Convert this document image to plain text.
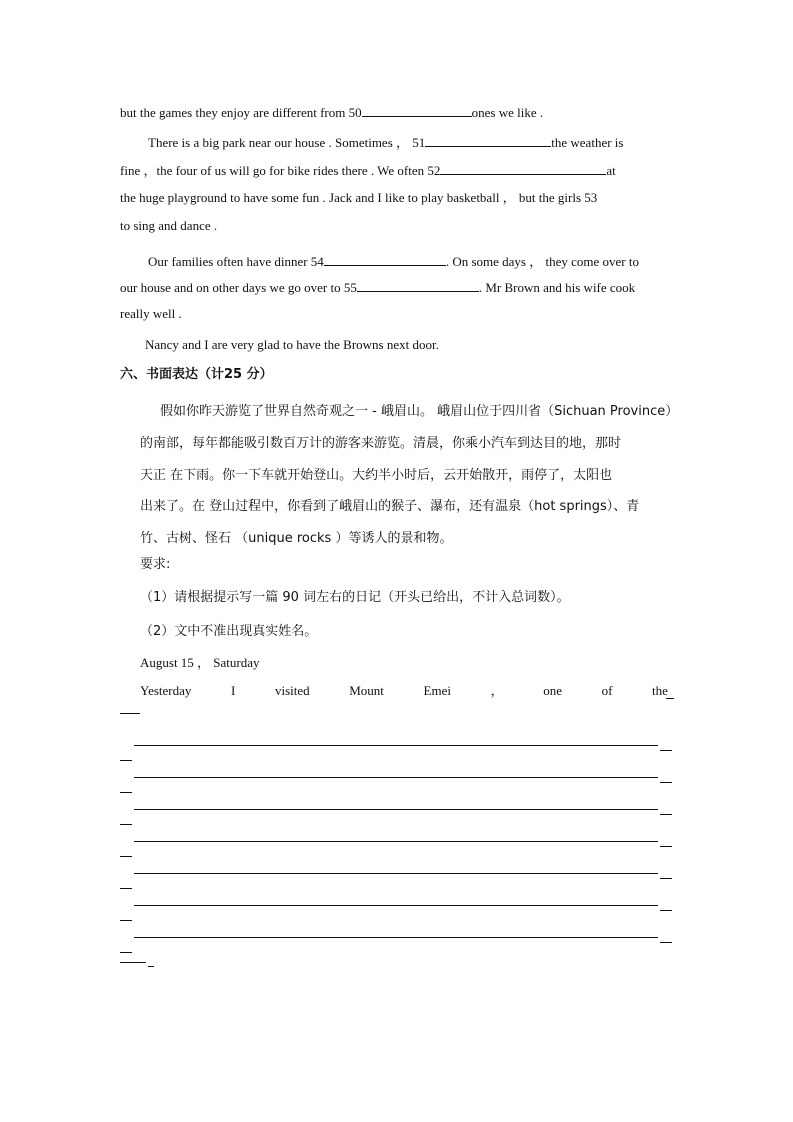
but the games they enjoy are different from 50	ones we like .
There is a big park near our house . Sometimes ， 51	the weather is
fine ，the four of us will go for bike rides there . We often 52	at
the huge playground to have some fun . Jack and I like to play basketball ， but the girls 53
to sing and dance .
Our families often have dinner 54	. On some days ， they come over to
our house and on other days we go over to 55	. Mr Brown and his wife cook
really well .
Nancy and I are very glad to have the Browns next door.
六、书面表达（计25 分）
假如你昨天游览了世界自然奇观之一 - 峨眉山。 峨眉山位于四川省（Sichuan Province）
的南部，每年都能吸引数百万计的游客来游览。清晨，你乘小汽车到达目的地，那时
天正 在下雨。你一下车就开始登山。大约半小时后，云开始散开，雨停了，太阳也
出来了。在 登山过程中，你看到了峨眉山的猴子、瀑布，还有温泉（hot springs）、青
竹、古树、怪石 （unique rocks ）等诱人的景和物。
要求:
（1）请根据提示写一篇 90 词左右的日记（开头已给出，不计入总词数）。
（2）文中不准出现真实姓名。
August 15 ， Saturday
Yesterday	I	visited	Mount	Emei	，	one	of	the
